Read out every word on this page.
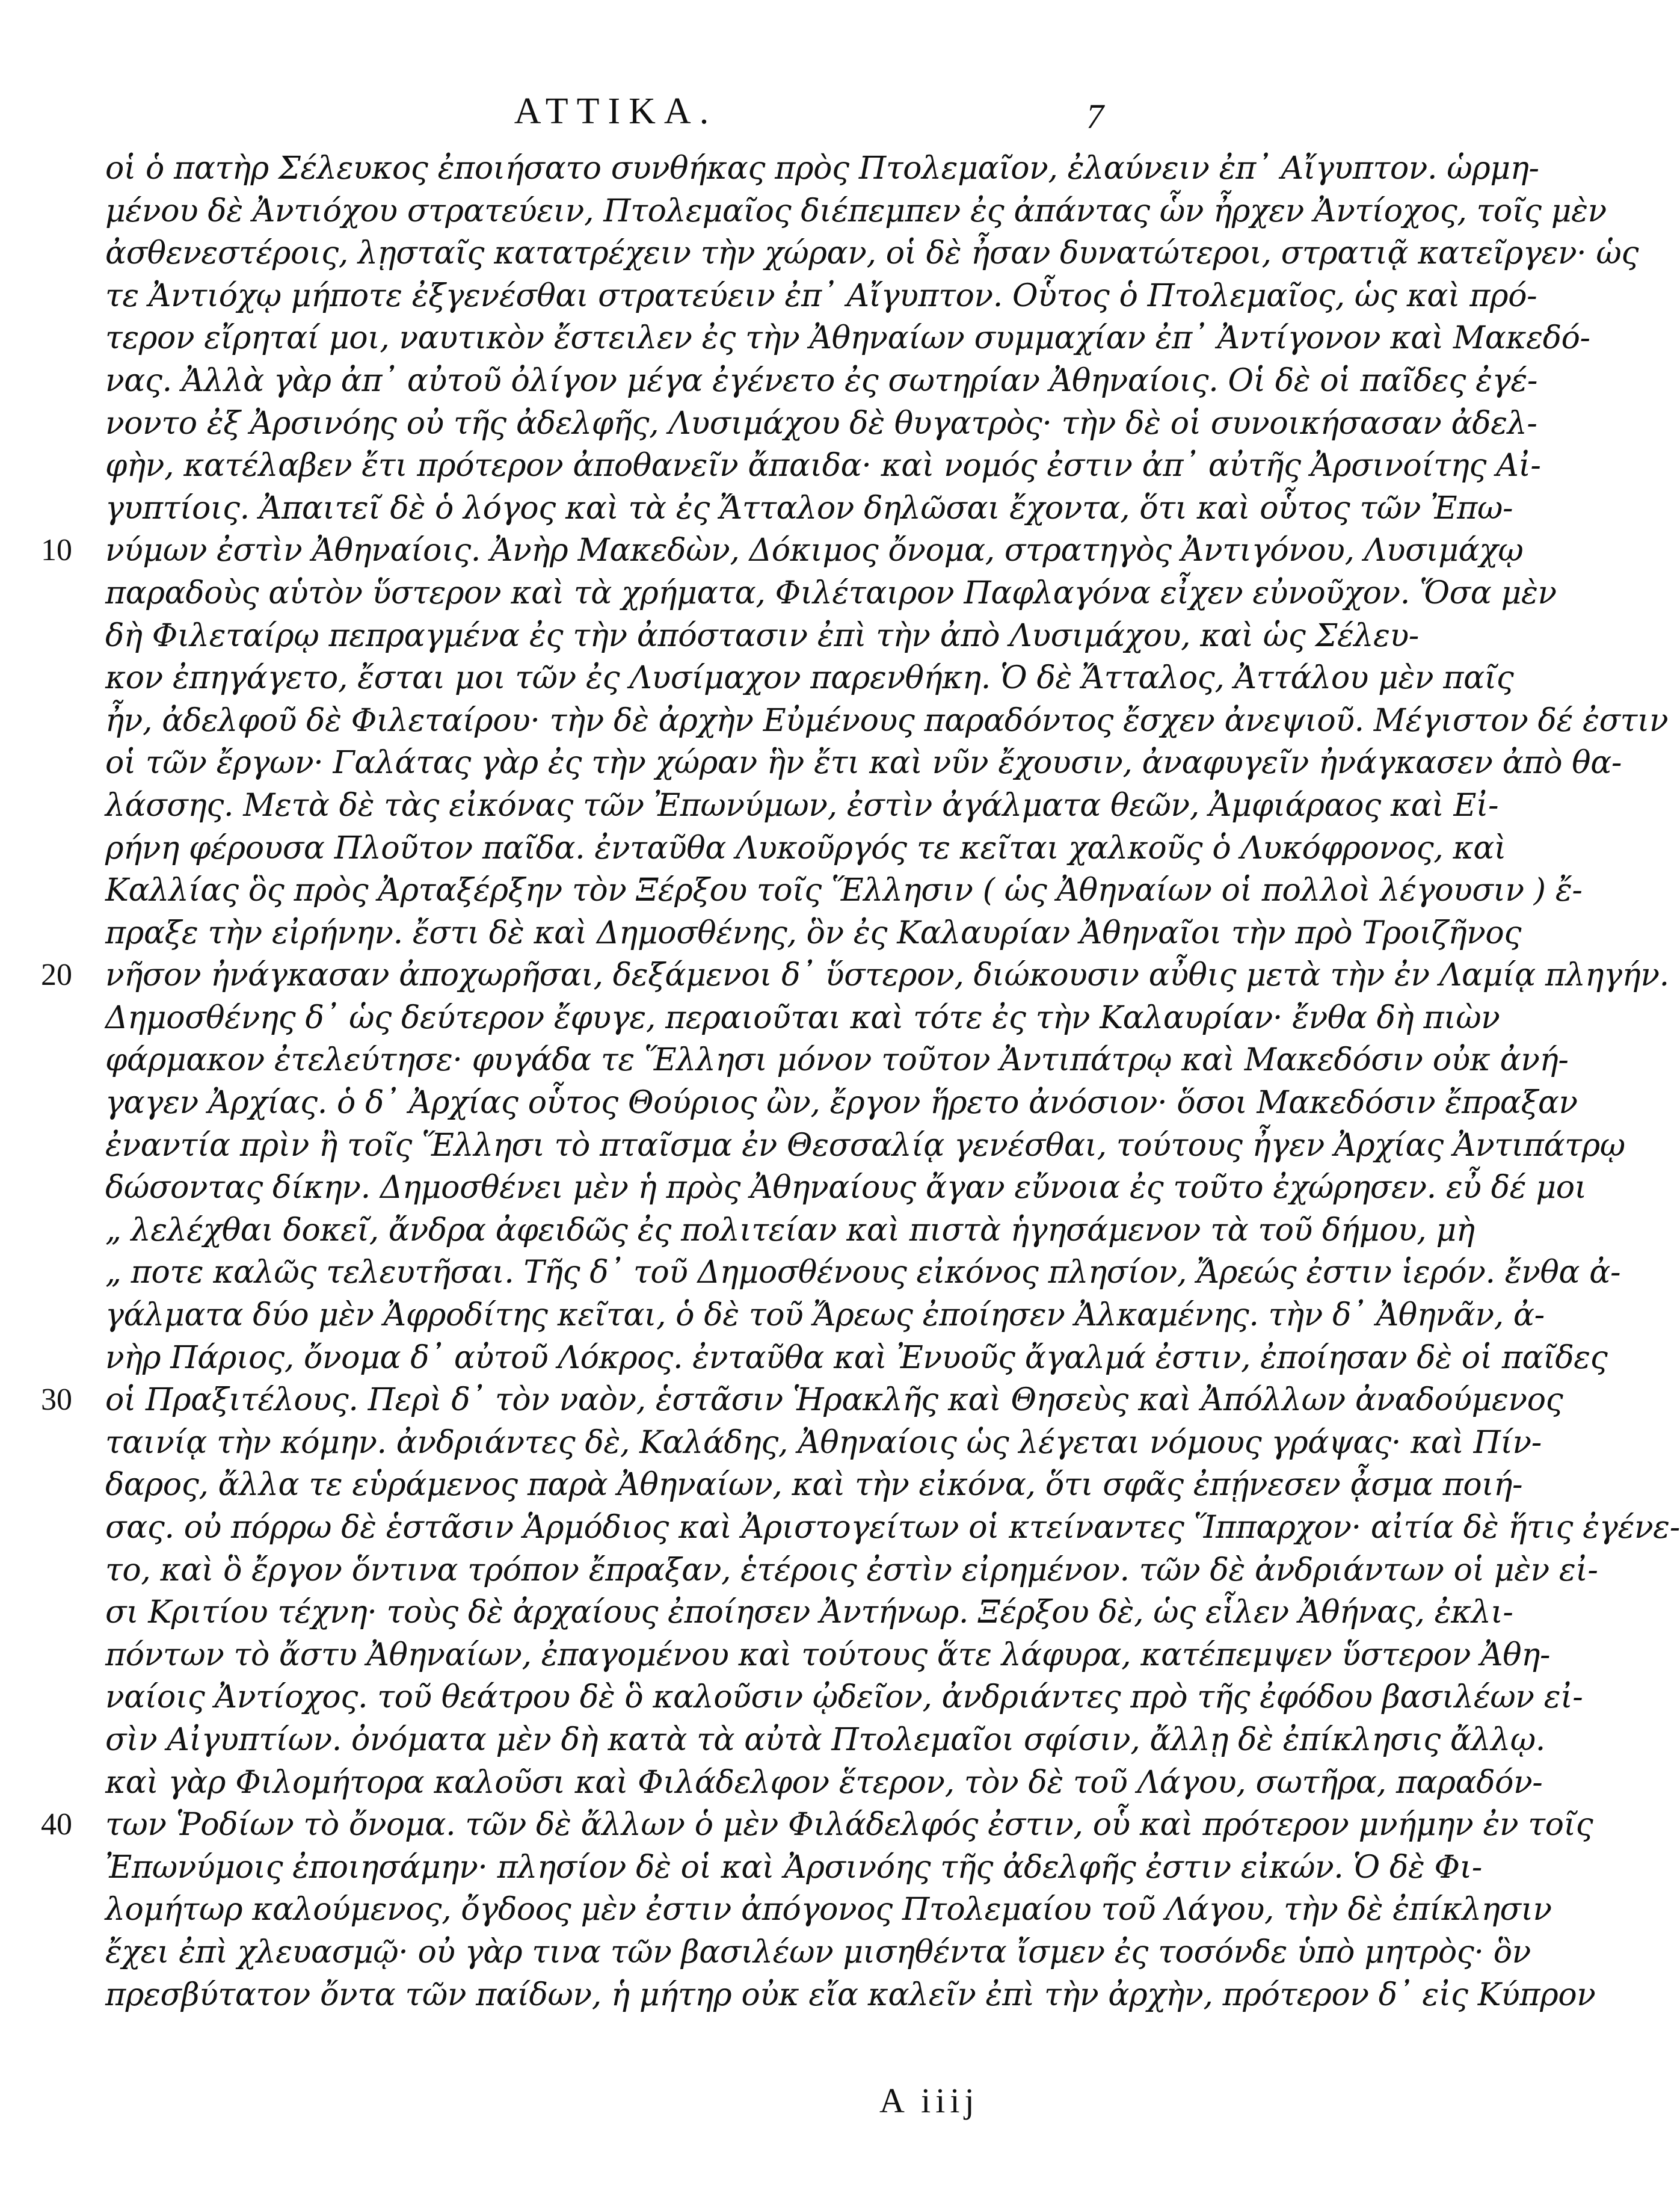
ΑΤΤΙΚΑ.	7
οἱ ὁ πατὴρ Σέλευκος ἐποιήσατο συνθήκας πρὸς Πτολεμαῖον, ἐλαύνειν ἐπ᾽ Αἴγυπτον. ὡρμη-
μένου δὲ Ἀντιόχου στρατεύειν, Πτολεμαῖος διέπεμπεν ἐς ἀπάντας ὧν ἦρχεν Ἀντίοχος, τοῖς μὲν
ἀσθενεστέροις, λῃσταῖς κατατρέχειν τὴν χώραν, οἱ δὲ ἦσαν δυνατώτεροι, στρατιᾷ κατεῖργεν· ὡς
τε Ἀντιόχῳ μήποτε ἐξγενέσθαι στρατεύειν ἐπ᾽ Αἴγυπτον. Οὗτος ὁ Πτολεμαῖος, ὡς καὶ πρό-
τερον εἴρηταί μοι, ναυτικὸν ἔστειλεν ἐς τὴν Ἀθηναίων συμμαχίαν ἐπ᾽ Ἀντίγονον καὶ Μακεδό-
νας. Ἀλλὰ γὰρ ἀπ᾽ αὐτοῦ ὀλίγον μέγα ἐγένετο ἐς σωτηρίαν Ἀθηναίοις. Οἱ δὲ οἱ παῖδες ἐγέ-
νοντο ἐξ Ἀρσινόης οὐ τῆς ἀδελφῆς, Λυσιμάχου δὲ θυγατρὸς· τὴν δὲ οἱ συνοικήσασαν ἀδελ-
φὴν, κατέλαβεν ἔτι πρότερον ἀποθανεῖν ἄπαιδα· καὶ νομός ἐστιν ἀπ᾽ αὐτῆς Ἀρσινοίτης Αἰ-
γυπτίοις. Ἀπαιτεῖ δὲ ὁ λόγος καὶ τὰ ἐς Ἄτταλον δηλῶσαι ἔχοντα, ὅτι καὶ οὗτος τῶν Ἐπω-
νύμων ἐστὶν Ἀθηναίοις. Ἀνὴρ Μακεδὼν, Δόκιμος ὄνομα, στρατηγὸς Ἀντιγόνου, Λυσιμάχῳ
παραδοὺς αὑτὸν ὕστερον καὶ τὰ χρήματα, Φιλέταιρον Παφλαγόνα εἶχεν εὐνοῦχον. Ὅσα μὲν
δὴ Φιλεταίρῳ πεπραγμένα ἐς τὴν ἀπόστασιν ἐπὶ τὴν ἀπὸ Λυσιμάχου, καὶ ὡς Σέλευ-
κον ἐπηγάγετο, ἔσται μοι τῶν ἐς Λυσίμαχον παρενθήκη. Ὁ δὲ Ἄτταλος, Ἀττάλου μὲν παῖς
ἦν, ἀδελφοῦ δὲ Φιλεταίρου· τὴν δὲ ἀρχὴν Εὐμένους παραδόντος ἔσχεν ἀνεψιοῦ. Μέγιστον δέ ἐστιν
οἱ τῶν ἔργων· Γαλάτας γὰρ ἐς τὴν χώραν ἣν ἔτι καὶ νῦν ἔχουσιν, ἀναφυγεῖν ἠνάγκασεν ἀπὸ θα-
λάσσης. Μετὰ δὲ τὰς εἰκόνας τῶν Ἐπωνύμων, ἐστὶν ἀγάλματα θεῶν, Ἀμφιάραος καὶ Εἰ-
ρήνη φέρουσα Πλοῦτον παῖδα. ἐνταῦθα Λυκοῦργός τε κεῖται χαλκοῦς ὁ Λυκόφρονος, καὶ
Καλλίας ὃς πρὸς Ἀρταξέρξην τὸν Ξέρξου τοῖς Ἕλλησιν ( ὡς Ἀθηναίων οἱ πολλοὶ λέγουσιν ) ἔ-
πραξε τὴν εἰρήνην. ἔστι δὲ καὶ Δημοσθένης, ὃν ἐς Καλαυρίαν Ἀθηναῖοι τὴν πρὸ Τροιζῆνος
νῆσον ἠνάγκασαν ἀποχωρῆσαι, δεξάμενοι δ᾽ ὕστερον, διώκουσιν αὖθις μετὰ τὴν ἐν Λαμίᾳ πληγήν.
Δημοσθένης δ᾽ ὡς δεύτερον ἔφυγε, περαιοῦται καὶ τότε ἐς τὴν Καλαυρίαν· ἔνθα δὴ πιὼν
φάρμακον ἐτελεύτησε· φυγάδα τε Ἕλλησι μόνον τοῦτον Ἀντιπάτρῳ καὶ Μακεδόσιν οὐκ ἀνή-
γαγεν Ἀρχίας. ὁ δ᾽ Ἀρχίας οὗτος Θούριος ὢν, ἔργον ἥρετο ἀνόσιον· ὅσοι Μακεδόσιν ἔπραξαν
ἐναντία πρὶν ἢ τοῖς Ἕλλησι τὸ πταῖσμα ἐν Θεσσαλίᾳ γενέσθαι, τούτους ἦγεν Ἀρχίας Ἀντιπάτρῳ
δώσοντας δίκην. Δημοσθένει μὲν ἡ πρὸς Ἀθηναίους ἄγαν εὔνοια ἐς τοῦτο ἐχώρησεν. εὖ δέ μοι
„ λελέχθαι δοκεῖ, ἄνδρα ἀφειδῶς ἐς πολιτείαν καὶ πιστὰ ἡγησάμενον τὰ τοῦ δήμου, μὴ
„ ποτε καλῶς τελευτῆσαι. Τῆς δ᾽ τοῦ Δημοσθένους εἰκόνος πλησίον, Ἄρεώς ἐστιν ἱερόν. ἔνθα ἀ-
γάλματα δύο μὲν Ἀφροδίτης κεῖται, ὁ δὲ τοῦ Ἄρεως ἐποίησεν Ἀλκαμένης. τὴν δ᾽ Ἀθηνᾶν, ἀ-
νὴρ Πάριος, ὄνομα δ᾽ αὐτοῦ Λόκρος. ἐνταῦθα καὶ Ἐνυοῦς ἄγαλμά ἐστιν, ἐποίησαν δὲ οἱ παῖδες
οἱ Πραξιτέλους. Περὶ δ᾽ τὸν ναὸν, ἑστᾶσιν Ἡρακλῆς καὶ Θησεὺς καὶ Ἀπόλλων ἀναδούμενος
ταινίᾳ τὴν κόμην. ἀνδριάντες δὲ, Καλάδης, Ἀθηναίοις ὡς λέγεται νόμους γράψας· καὶ Πίν-
δαρος, ἄλλα τε εὑράμενος παρὰ Ἀθηναίων, καὶ τὴν εἰκόνα, ὅτι σφᾶς ἐπῄνεσεν ᾆσμα ποιή-
σας. οὐ πόρρω δὲ ἑστᾶσιν Ἁρμόδιος καὶ Ἀριστογείτων οἱ κτείναντες Ἵππαρχον· αἰτία δὲ ἥτις ἐγένε-
το, καὶ ὃ ἔργον ὅντινα τρόπον ἔπραξαν, ἑτέροις ἐστὶν εἰρημένον. τῶν δὲ ἀνδριάντων οἱ μὲν εἰ-
σι Κριτίου τέχνη· τοὺς δὲ ἀρχαίους ἐποίησεν Ἀντήνωρ. Ξέρξου δὲ, ὡς εἷλεν Ἀθήνας, ἐκλι-
πόντων τὸ ἄστυ Ἀθηναίων, ἐπαγομένου καὶ τούτους ἅτε λάφυρα, κατέπεμψεν ὕστερον Ἀθη-
ναίοις Ἀντίοχος. τοῦ θεάτρου δὲ ὃ καλοῦσιν ᾠδεῖον, ἀνδριάντες πρὸ τῆς ἐφόδου βασιλέων εἰ-
σὶν Αἰγυπτίων. ὀνόματα μὲν δὴ κατὰ τὰ αὐτὰ Πτολεμαῖοι σφίσιν, ἄλλῃ δὲ ἐπίκλησις ἄλλῳ.
καὶ γὰρ Φιλομήτορα καλοῦσι καὶ Φιλάδελφον ἕτερον, τὸν δὲ τοῦ Λάγου, σωτῆρα, παραδόν-
των Ῥοδίων τὸ ὄνομα. τῶν δὲ ἄλλων ὁ μὲν Φιλάδελφός ἐστιν, οὗ καὶ πρότερον μνήμην ἐν τοῖς
Ἐπωνύμοις ἐποιησάμην· πλησίον δὲ οἱ καὶ Ἀρσινόης τῆς ἀδελφῆς ἐστιν εἰκών. Ὁ δὲ Φι-
λομήτωρ καλούμενος, ὄγδοος μὲν ἐστιν ἀπόγονος Πτολεμαίου τοῦ Λάγου, τὴν δὲ ἐπίκλησιν
ἔχει ἐπὶ χλευασμῷ· οὐ γὰρ τινα τῶν βασιλέων μισηθέντα ἴσμεν ἐς τοσόνδε ὑπὸ μητρὸς· ὃν
πρεσβύτατον ὄντα τῶν παίδων, ἡ μήτηρ οὐκ εἴα καλεῖν ἐπὶ τὴν ἀρχὴν, πρότερον δ᾽ εἰς Κύπρον
10
20
30
40
A iiij
